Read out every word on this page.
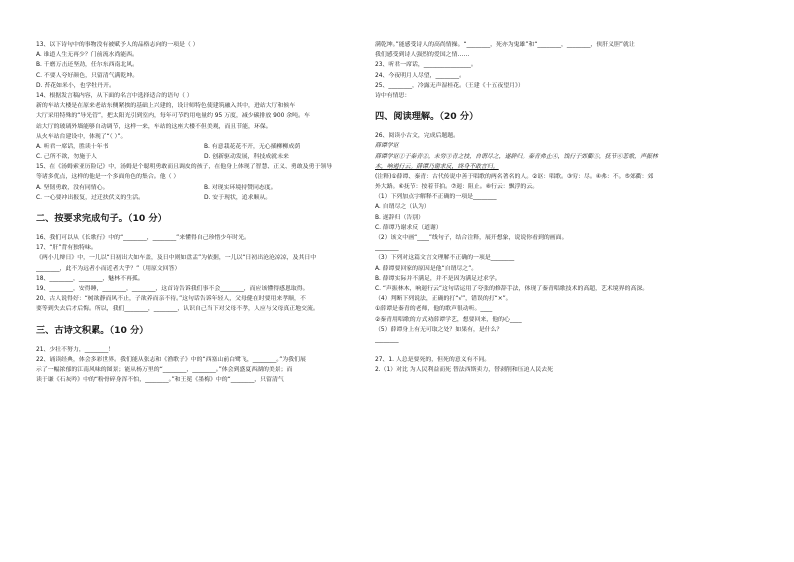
13、以下诗句中的事物没有被赋予人的品格志向的一项是（ ）
A. 谁道人生无再少？门前流水尚能西。
B. 千磨万击还坚劲，任尔东西南北风。
C. 不要人夸好颜色，只留清气满乾坤。
D. 苔花如米小，也学牡丹开。
14、根据发言稿内容，从下面的名言中选择适合的语句（ ）
新的车站大楼是在原来老站东侧紧挨的基础上兴建的，设计师特色使建筑融入其中，进站大厅和候车
大厅采用特殊的“导光管”，把太阳光引到室内，每年可节约用电量约 95 万度，减少碳排放 900 余吨。车
站大厅的玻璃外墙能够自动调节，这样一来，车站的这座大楼不但美观，而且节能，环保。
从火车站台建设中，体现了“（ ）”。
A. 听君一席话，胜读十年书	B. 有意栽花花不开，无心插柳柳成荫
C. 己所不欲，勿施于人	D. 创新驱动发展，科技成就未来
15、在《汤姆索亚历险记》中，汤姆是个聪明勇敢而且调皮的孩子，在他身上体现了智慧、正义、勇敢及勇于领导
等诸多优点，这样的他是一个多面角色的集合。他（ ）
A. 坚韧勇敢，没有同情心。	B. 对现实环境持赞同态度。
C. 一心要冲出报复，过迁扶伏义的生活。	D. 安于现状，追求顺从。
二、按要求完成句子。（10 分）
16、我们可以从《长歌行》中的“________，________”来懂得自己珍惜少年时光。
17、“肝”背有独特味。
《两小儿辩日》中，一儿以“日初出大如车盖，及日中则如盘盂”为依据，一儿以“日初出沧沧凉凉，及其日中
________，此不为远者小而近者大乎？”（用原文回答）
18、________，________，魅林不再孤。
19、________，安得睡，________，________，这首诗告诉我们事不会________，而应该懂得感恩取得。
20、古人说得好：“树欲静而风不止，子欲养而亲不待。”这句话告诉年轻人，父母健在时要用来孝顺，不
要等到失去后才后悔。所以，我们________，________，认识自己当下对父母不孝，人应与父母真正地交流。
三、古诗文积累。（10 分）
21、少壮不努力，________！
22、诵读经典，体会多彩世界。我们能从张志和《渔歌子》中的“西塞山前白鹭飞，________。”为我们展
示了一幅浓郁的江南风味的图景；能从杨万里的“________，________。”体会到盛夏西湖的美景；而
读于谦《石灰吟》中的“粉骨碎身浑不怕，________。”和王冕《墨梅》中的“________，只留清气
满乾坤。”能感受诗人的高尚情操。“________，死亦为鬼雄”和“________，________，侠肝义胆”就让
我们感受到诗人强烈的爱国之情……
23、听君一席话，________________。
24、今夜明月人尽望，________。
25、________，冷露无声湿桂花。（王建《十五夜望月》）
诗中有情思：
四、阅读理解。（20 分）
26、阅读小古文，完成后题题。
薛谭学讴
薛谭学讴①于秦青②，未穷③青之技，自谓尽之，遂辞归。秦青弗止④，饯行于郊衢⑤，抚节⑥悲歌，声振林
木，响遏行云。薛谭乃谢求反，终身不敢言归。
(注释)①薛谭、秦青：古代传说中善于唱歌的两名著名的人。②讴：唱歌。③穷：尽。④弗：不。⑤郊衢：郊
外大路。⑥抚节：按着节拍。⑦遏：阻止。⑧行云：飘浮的云。
（1）下列加点字解释不正确的一项是________
A. 自谓尽之（认为）
B. 遂辞归（告别）
C. 薛谭乃谢求反（道谢）
（2）该文中画“____”线句子，结合注释，展开想象，说说你看到的画面。
________
（3）下列对这篇文言文理解不正确的一项是________
A. 薛谭要回家的原因是他“自谓尽之”。
B. 薛谭实际并不满足，并不是因为满足过求学。
C. “声振林木，响遏行云”这句话运用了夸张的修辞手法，体现了秦青唱歌技术的高超，艺术境界的高深。
（4）判断下列说法，正确的打“√”，错误的打“×”。
①薛谭是秦青的老师，他的歌声很动听。____
②秦青用唱歌的方式劝薛谭学艺，想要回来，他的心____
（5）薛谭身上有无可取之处？如果有，是什么？
________
27、1. 人总是要死的，但死的意义有不同。
2.（1）对比 为人民利益而死 替法西斯卖力，替剥削和压迫人民去死
